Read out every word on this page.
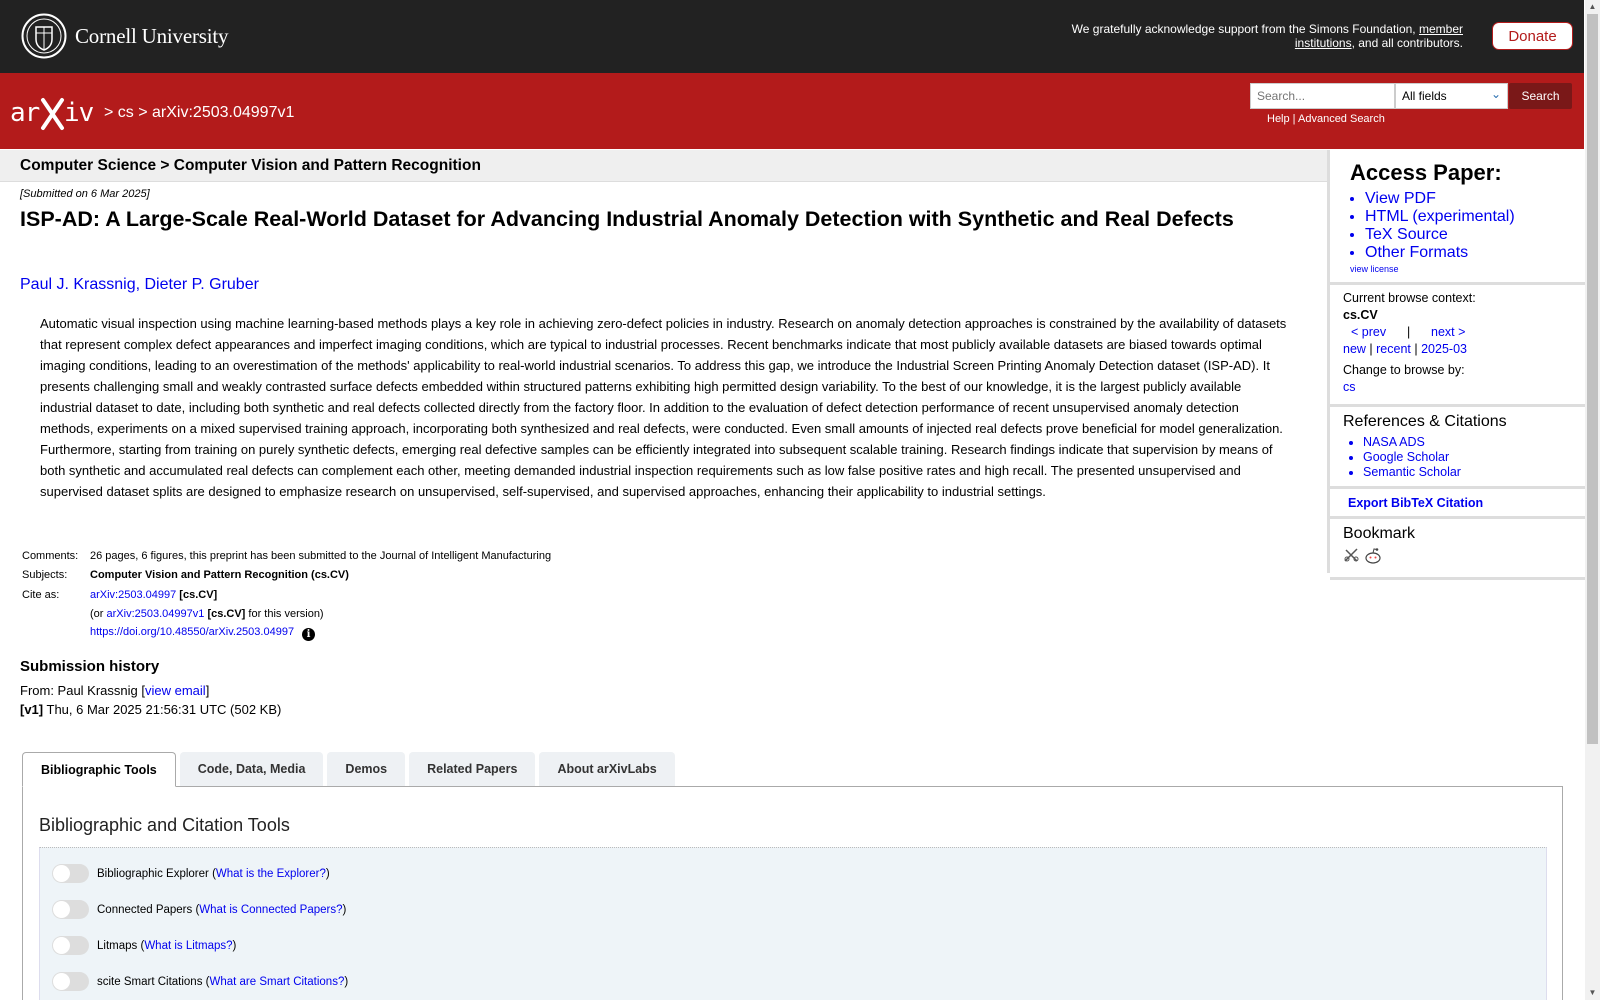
Cornell University	We gratefully acknowledge support from the Simons Foundation, member
institutions, and all contributors.	Donate
ar iv > cs > arXiv:2503.04997v1
Search...
All fields	⌄	Search
Help | Advanced Search
Computer Science > Computer Vision and Pattern Recognition
[Submitted on 6 Mar 2025]
ISP-AD: A Large-Scale Real-World Dataset for Advancing Industrial Anomaly Detection with Synthetic and Real Defects
Paul J. Krassnig, Dieter P. Gruber
Automatic visual inspection using machine learning-based methods plays a key role in achieving zero-defect policies in industry. Research on anomaly detection approaches is constrained by the availability of datasets that represent complex defect appearances and imperfect imaging conditions, which are typical to industrial processes. Recent benchmarks indicate that most publicly available datasets are biased towards optimal imaging conditions, leading to an overestimation of the methods' applicability to real-world industrial scenarios. To address this gap, we introduce the Industrial Screen Printing Anomaly Detection dataset (ISP-AD). It presents challenging small and weakly contrasted surface defects embedded within structured patterns exhibiting high permitted design variability. To the best of our knowledge, it is the largest publicly available industrial dataset to date, including both synthetic and real defects collected directly from the factory floor. In addition to the evaluation of defect detection performance of recent unsupervised anomaly detection methods, experiments on a mixed supervised training approach, incorporating both synthesized and real defects, were conducted. Even small amounts of injected real defects prove beneficial for model generalization. Furthermore, starting from training on purely synthetic defects, emerging real defective samples can be efficiently integrated into subsequent scalable training. Research findings indicate that supervision by means of both synthetic and accumulated real defects can complement each other, meeting demanded industrial inspection requirements such as low false positive rates and high recall. The presented unsupervised and supervised dataset splits are designed to emphasize research on unsupervised, self-supervised, and supervised approaches, enhancing their applicability to industrial settings.
Comments:	26 pages, 6 figures, this preprint has been submitted to the Journal of Intelligent Manufacturing
Subjects:	Computer Vision and Pattern Recognition (cs.CV)
Cite as:	arXiv:2503.04997 [cs.CV]
(or arXiv:2503.04997v1 [cs.CV] for this version)
https://doi.org/10.48550/arXiv.2503.04997 i
Submission history
From: Paul Krassnig [view email]
[v1] Thu, 6 Mar 2025 21:56:31 UTC (502 KB)
Bibliographic Tools	Code, Data, Media	Demos	Related Papers	About arXivLabs
Bibliographic and Citation Tools
Bibliographic Explorer ( What is the Explorer? )
Connected Papers ( What is Connected Papers? )
Litmaps ( What is Litmaps? )
scite Smart Citations ( What are Smart Citations? )
Access Paper:
• View PDF
• HTML (experimental)
• TeX Source
• Other Formats
view license
Current browse context:
cs.CV
< prev | next >
new | recent | 2025-03
Change to browse by:
cs
References & Citations
• NASA ADS
• Google Scholar
• Semantic Scholar
Export BibTeX Citation
Bookmark
▲
▼
